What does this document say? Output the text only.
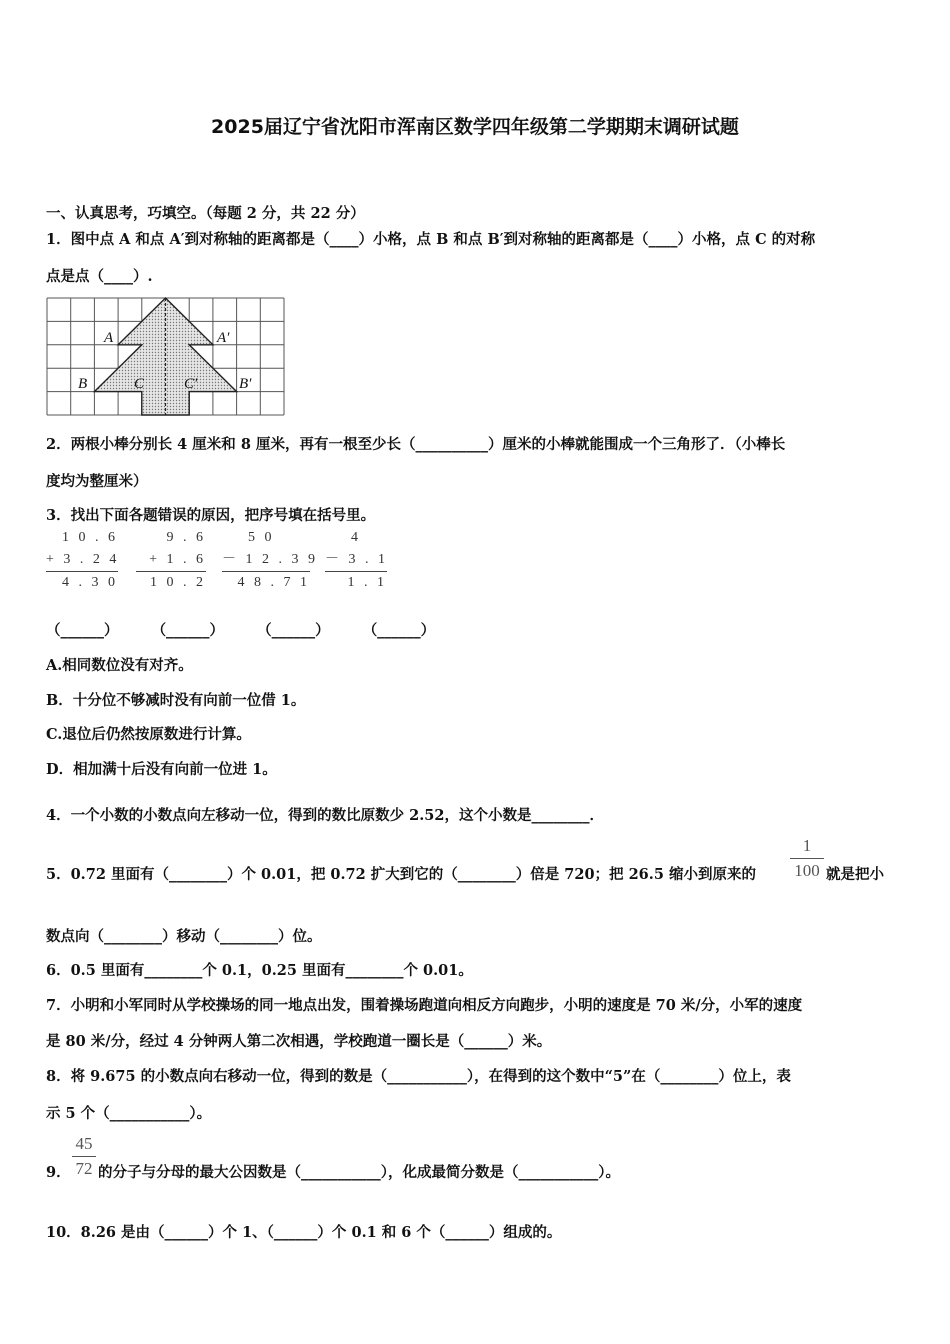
2025届辽宁省沈阳市浑南区数学四年级第二学期期末调研试题
一、认真思考，巧填空。（每题 2 分，共 22 分）
1．图中点 A 和点 A′到对称轴的距离都是（____）小格，点 B 和点 B′到对称轴的距离都是（____）小格，点 C 的对称
点是点（____）.
A	A′
B	C	C′	B′
2．两根小棒分别长 4 厘米和 8 厘米，再有一根至少长（__________）厘米的小棒就能围成一个三角形了．（小棒长
度均为整厘米）
3．找出下面各题错误的原因，把序号填在括号里。
1 0 . 6
+ 3 . 2 4
4 . 3 0
9 . 6
+ 1 . 6
1 0 . 2
5 0
－ 1 2 . 3 9
4 8 . 7 1
4
－ 3 . 1
1 . 1
（______） （______） （______） （______）
A.相同数位没有对齐。
B．十分位不够减时没有向前一位借 1。
C.退位后仍然按原数进行计算。
D．相加满十后没有向前一位进 1。
4．一个小数的小数点向左移动一位，得到的数比原数少 2.52，这个小数是________．
5．0.72 里面有（________）个 0.01，把 0.72 扩大到它的（________）倍是 720；把 26.5 缩小到原来的
1
100 就是把小
数点向（________）移动（________）位。
6．0.5 里面有________个 0.1，0.25 里面有________个 0.01。
7．小明和小军同时从学校操场的同一地点出发，围着操场跑道向相反方向跑步，小明的速度是 70 米/分，小军的速度
是 80 米/分，经过 4 分钟两人第二次相遇，学校跑道一圈长是（______）米。
8．将 9.675 的小数点向右移动一位，得到的数是（___________），在得到的这个数中“5”在（________）位上，表
示 5 个（___________）。
9．
45
72 的分子与分母的最大公因数是（___________），化成最简分数是（___________）。
10．8.26 是由（______）个 1、（______）个 0.1 和 6 个（______）组成的。
